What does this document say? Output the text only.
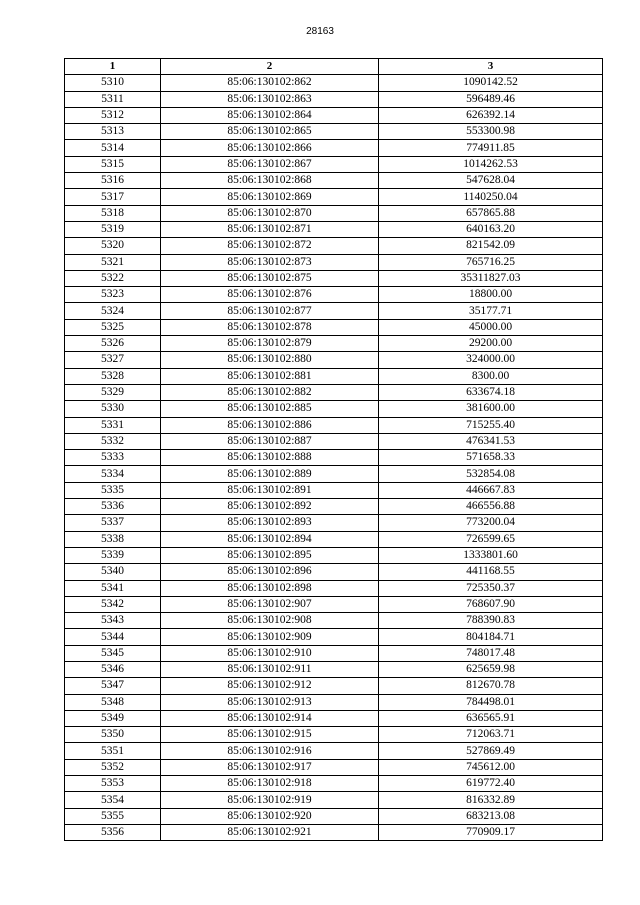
28163
1	2	3
5310	85:06:130102:862	1090142.52
5311	85:06:130102:863	596489.46
5312	85:06:130102:864	626392.14
5313	85:06:130102:865	553300.98
5314	85:06:130102:866	774911.85
5315	85:06:130102:867	1014262.53
5316	85:06:130102:868	547628.04
5317	85:06:130102:869	1140250.04
5318	85:06:130102:870	657865.88
5319	85:06:130102:871	640163.20
5320	85:06:130102:872	821542.09
5321	85:06:130102:873	765716.25
5322	85:06:130102:875	35311827.03
5323	85:06:130102:876	18800.00
5324	85:06:130102:877	35177.71
5325	85:06:130102:878	45000.00
5326	85:06:130102:879	29200.00
5327	85:06:130102:880	324000.00
5328	85:06:130102:881	8300.00
5329	85:06:130102:882	633674.18
5330	85:06:130102:885	381600.00
5331	85:06:130102:886	715255.40
5332	85:06:130102:887	476341.53
5333	85:06:130102:888	571658.33
5334	85:06:130102:889	532854.08
5335	85:06:130102:891	446667.83
5336	85:06:130102:892	466556.88
5337	85:06:130102:893	773200.04
5338	85:06:130102:894	726599.65
5339	85:06:130102:895	1333801.60
5340	85:06:130102:896	441168.55
5341	85:06:130102:898	725350.37
5342	85:06:130102:907	768607.90
5343	85:06:130102:908	788390.83
5344	85:06:130102:909	804184.71
5345	85:06:130102:910	748017.48
5346	85:06:130102:911	625659.98
5347	85:06:130102:912	812670.78
5348	85:06:130102:913	784498.01
5349	85:06:130102:914	636565.91
5350	85:06:130102:915	712063.71
5351	85:06:130102:916	527869.49
5352	85:06:130102:917	745612.00
5353	85:06:130102:918	619772.40
5354	85:06:130102:919	816332.89
5355	85:06:130102:920	683213.08
5356	85:06:130102:921	770909.17
